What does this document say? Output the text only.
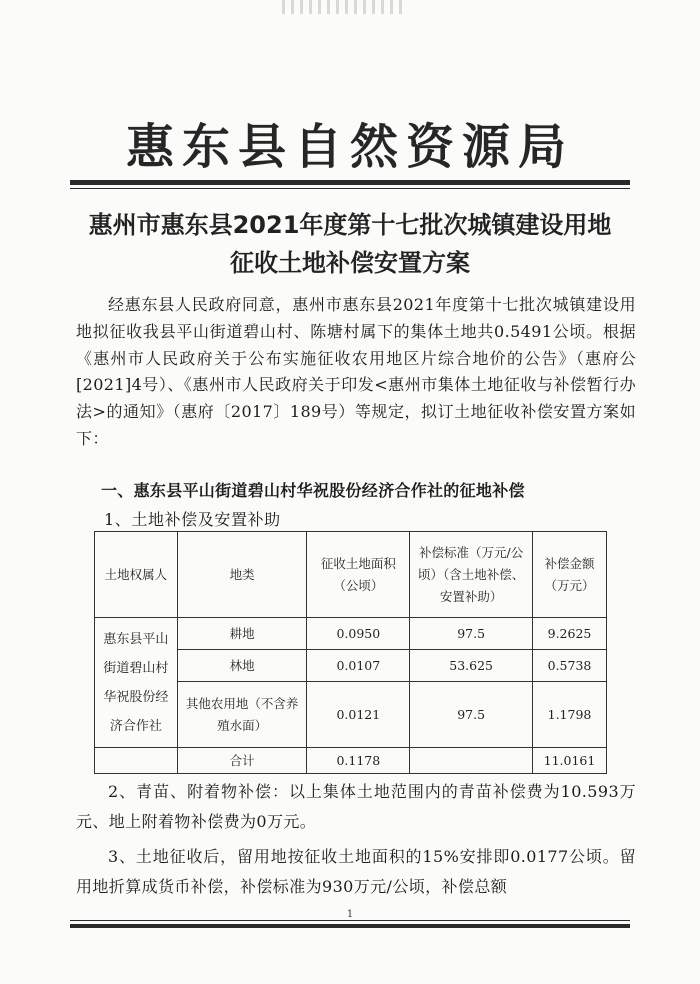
惠东县自然资源局
惠州市惠东县2021年度第十七批次城镇建设用地
征收土地补偿安置方案
经惠东县人民政府同意，惠州市惠东县2021年度第十七批次城镇建设用地拟征收我县平山街道碧山村、陈塘村属下的集体土地共0.5491公顷。根据《惠州市人民政府关于公布实施征收农用地区片综合地价的公告》（惠府公[2021]4号）、《惠州市人民政府关于印发<惠州市集体土地征收与补偿暂行办法>的通知》（惠府〔2017〕189号）等规定，拟订土地征收补偿安置方案如下：
一、惠东县平山街道碧山村华祝股份经济合作社的征地补偿
1、土地补偿及安置补助
土地权属人	地类	征收土地面积（公顷）	补偿标准（万元/公顷）（含土地补偿、安置补助）	补偿金额（万元）
惠东县平山街道碧山村华祝股份经济合作社	耕地	0.0950	97.5	9.2625
	林地	0.0107	53.625	0.5738
	其他农用地（不含养殖水面）	0.0121	97.5	1.1798
	合计	0.1178		11.0161
2、青苗、附着物补偿：以上集体土地范围内的青苗补偿费为10.593万元、地上附着物补偿费为0万元。
3、土地征收后，留用地按征收土地面积的15%安排即0.0177公顷。留用地折算成货币补偿，补偿标准为930万元/公顷，补偿总额
1
